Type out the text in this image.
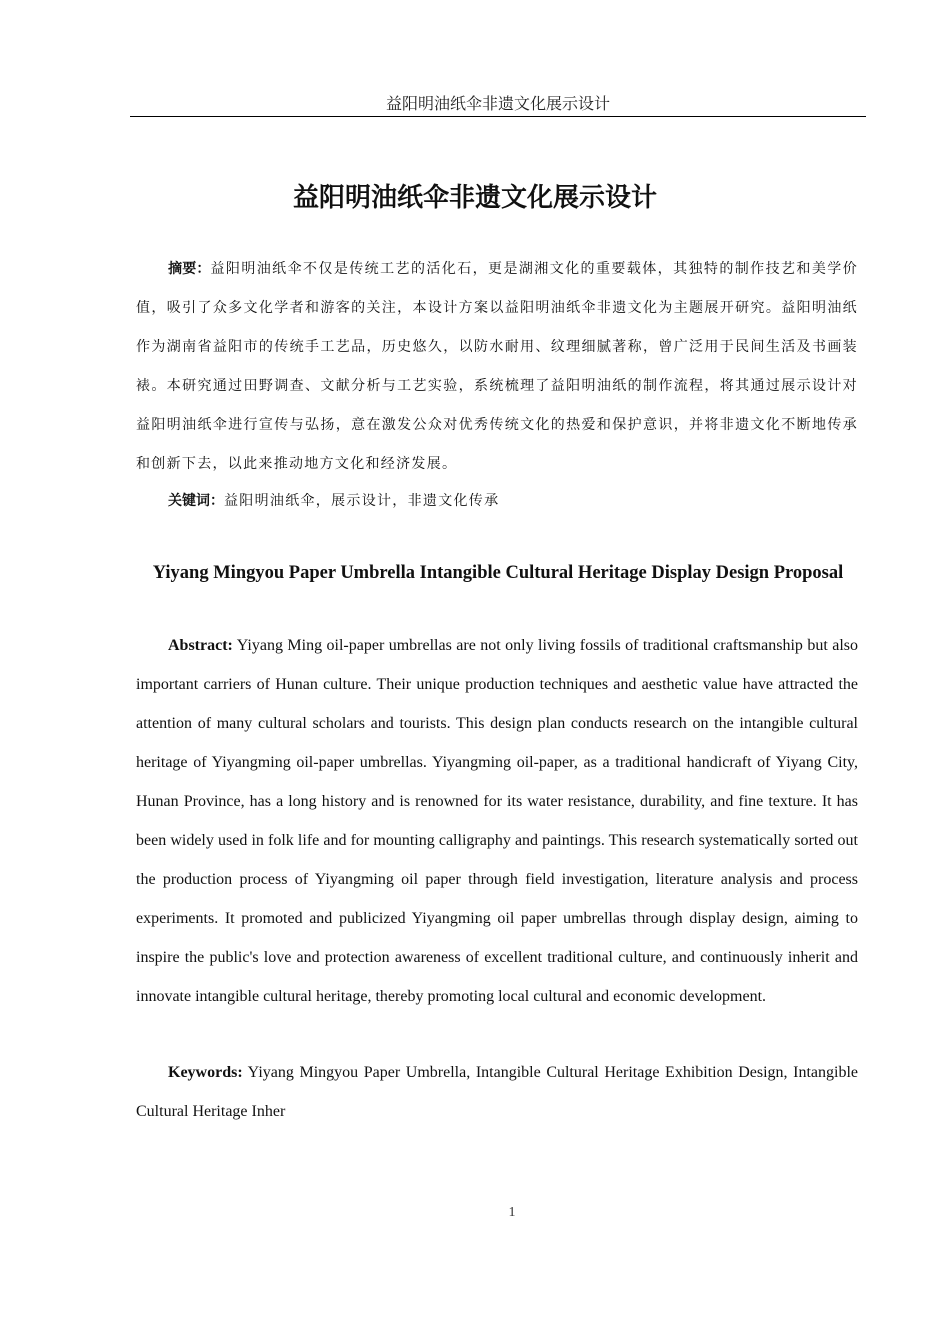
益阳明油纸伞非遗文化展示设计
益阳明油纸伞非遗文化展示设计
摘要：益阳明油纸伞不仅是传统工艺的活化石，更是湖湘文化的重要载体，其独特的制作技艺和美学价值，吸引了众多文化学者和游客的关注，本设计方案以益阳明油纸伞非遗文化为主题展开研究。益阳明油纸作为湖南省益阳市的传统手工艺品，历史悠久，以防水耐用、纹理细腻著称，曾广泛用于民间生活及书画装裱。本研究通过田野调查、文献分析与工艺实验，系统梳理了益阳明油纸的制作流程，将其通过展示设计对益阳明油纸伞进行宣传与弘扬，意在激发公众对优秀传统文化的热爱和保护意识，并将非遗文化不断地传承和创新下去，以此来推动地方文化和经济发展。
关键词：益阳明油纸伞，展示设计，非遗文化传承
Yiyang Mingyou Paper Umbrella Intangible Cultural Heritage Display Design Proposal
Abstract: Yiyang Ming oil-paper umbrellas are not only living fossils of traditional craftsmanship but also important carriers of Hunan culture. Their unique production techniques and aesthetic value have attracted the attention of many cultural scholars and tourists. This design plan conducts research on the intangible cultural heritage of Yiyangming oil-paper umbrellas. Yiyangming oil-paper, as a traditional handicraft of Yiyang City, Hunan Province, has a long history and is renowned for its water resistance, durability, and fine texture. It has been widely used in folk life and for mounting calligraphy and paintings. This research systematically sorted out the production process of Yiyangming oil paper through field investigation, literature analysis and process experiments. It promoted and publicized Yiyangming oil paper umbrellas through display design, aiming to inspire the public's love and protection awareness of excellent traditional culture, and continuously inherit and innovate intangible cultural heritage, thereby promoting local cultural and economic development.
Keywords: Yiyang Mingyou Paper Umbrella, Intangible Cultural Heritage Exhibition Design, Intangible Cultural Heritage Inher
1
